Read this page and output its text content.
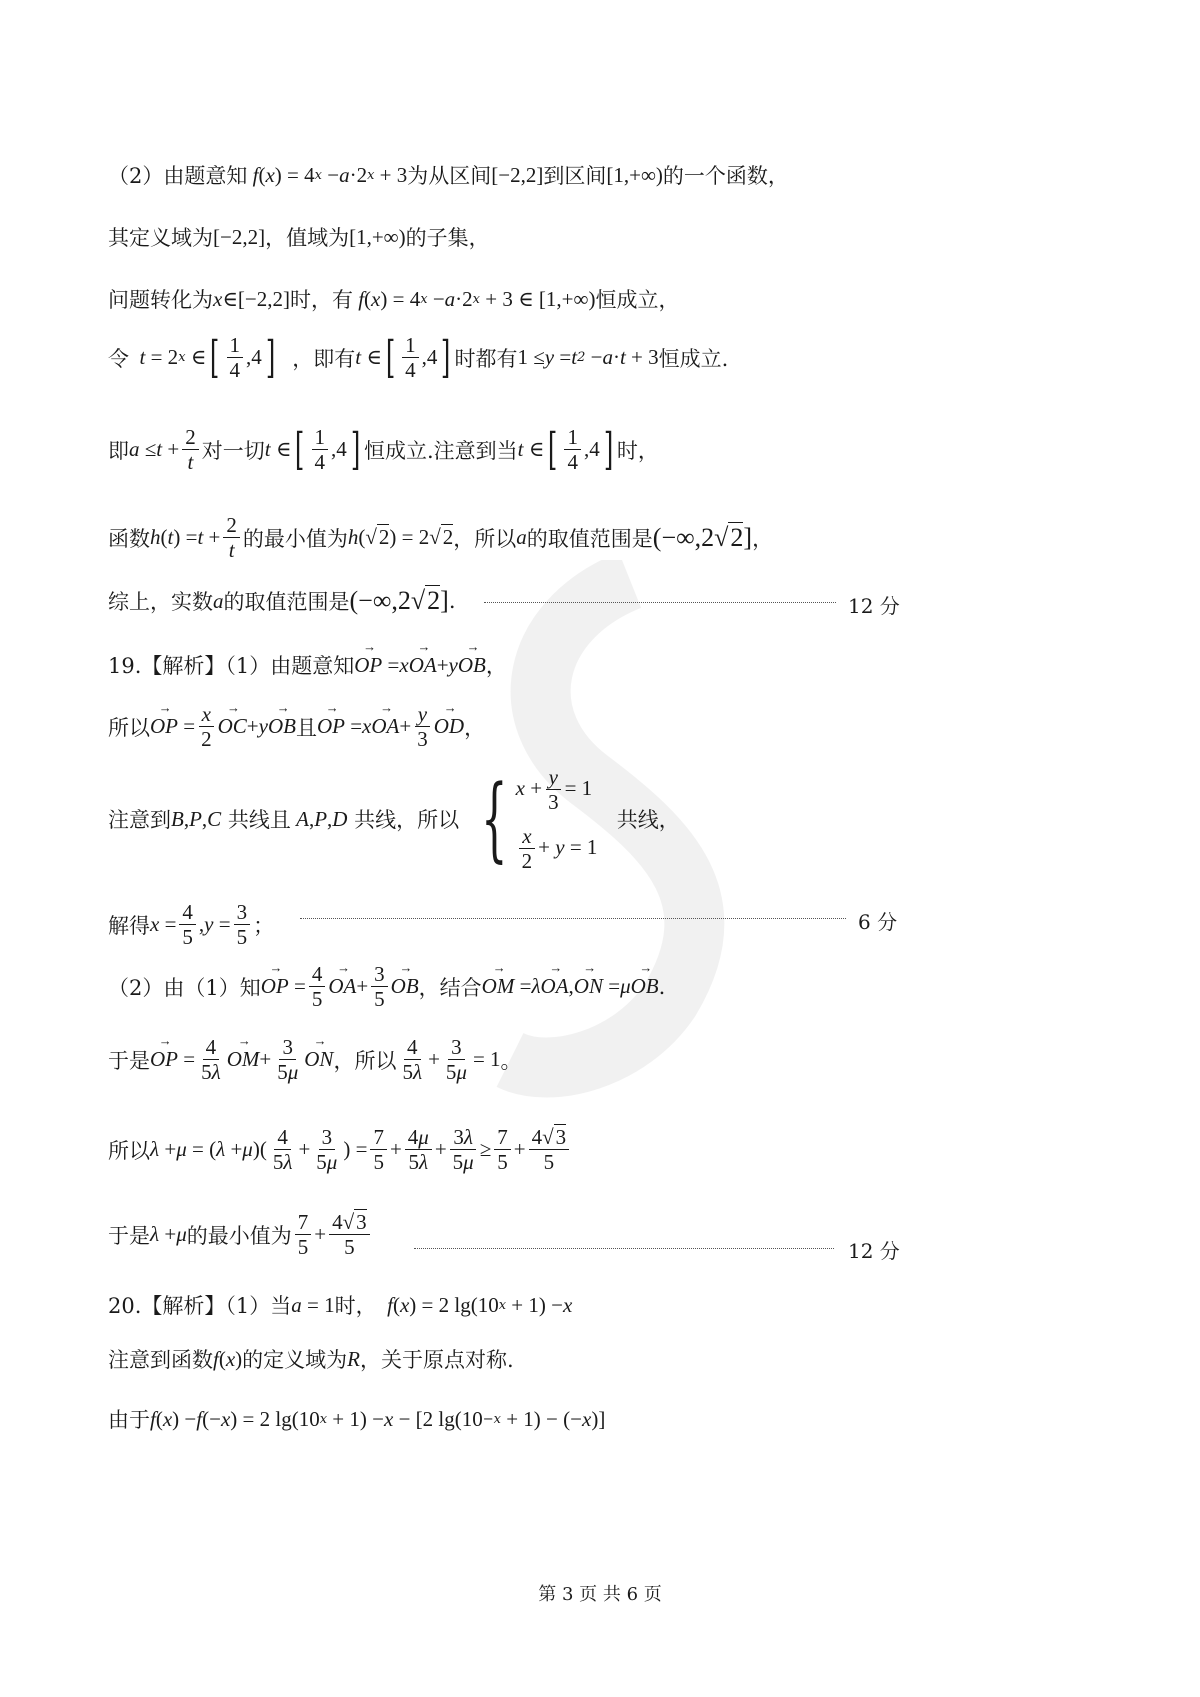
（2）由题意知 f ( x ) = 4 x − a ·2 x + 3 为从区间 [−2,2] 到区间 [1,+∞) 的一个函数，
其定义域为 [−2,2] ，值域为 [1,+∞) 的子集，
问题转化为 x ∈[−2,2] 时，有 f ( x ) = 4 x − a ·2 x + 3 ∈ [1,+∞) 恒成立，
令 t = 2 x ∈ [ $\frac{1}{4} ,4$ ]
，即有 t ∈ [ $\frac{1}{4} ,4$ ] 时都有 1 ≤ y = t 2 − a · t + 3 恒成立.
即 $a \le t + \frac{2}{t}$ 对一切 t ∈ [ $\frac{1}{4} ,4$ ] 恒成立.注意到当 t ∈ [ $\frac{1}{4} ,4$ ] 时，
函数 h ( t ) = $t + \frac{2}{t}$ 的最小值为 h (√2) = 2√2 ，所以 a 的取值范围是 (−∞,2√2] ，
综上，实数 a 的取值范围是 (−∞,2√2] .	12 分
19.【解析】（1）由题意知 → OP = x → OA + y → OB ，
所以 → OP = $\frac{x}{2}$ → OC + y → OB 且 → OP = x → OA + $\frac{y}{3}$ → OD ，
注意到 B , P , C
共线且 A , P , D
共线，所以 { $x + \frac{y}{3} = 1$
$\frac{x}{2} + y = 1$

共线，
解得 $x = \frac{4}{5}$ , $y = \frac{3}{5}$ ；	6 分
（2）由（1）知 → OP = $\frac{4}{5}$ → OA + $\frac{3}{5}$ → OB ，结合 → OM = λ → OA , → ON = μ → OB .
于是 → OP = $\frac{4}{5\lambda}$ → OM + $\frac{3}{5\mu}$ → ON ，所以 $\frac{4}{5\lambda} + \frac{3}{5\mu} = 1$ 。
所以 λ + μ = ( λ + μ )( $\frac{4}{5\lambda} + \frac{3}{5\mu}$ ) = $\frac{7}{5} + \frac{4\mu}{5\lambda} + \frac{3\lambda}{5\mu} \ge \frac{7}{5} + \frac{4√3}{5}$
于是 λ + μ 的最小值为 $\frac{7}{5} + \frac{4√3}{5}$	12 分
20.【解析】（1）当 a = 1 时， f ( x ) = 2 lg(10 x + 1) − x
注意到函数 f ( x ) 的定义域为 R ，关于原点对称.
由于 f ( x ) − f (− x ) = 2 lg(10 x + 1) − x − [2 lg(10 −x + 1) − (− x )]
第 3 页 共 6 页
